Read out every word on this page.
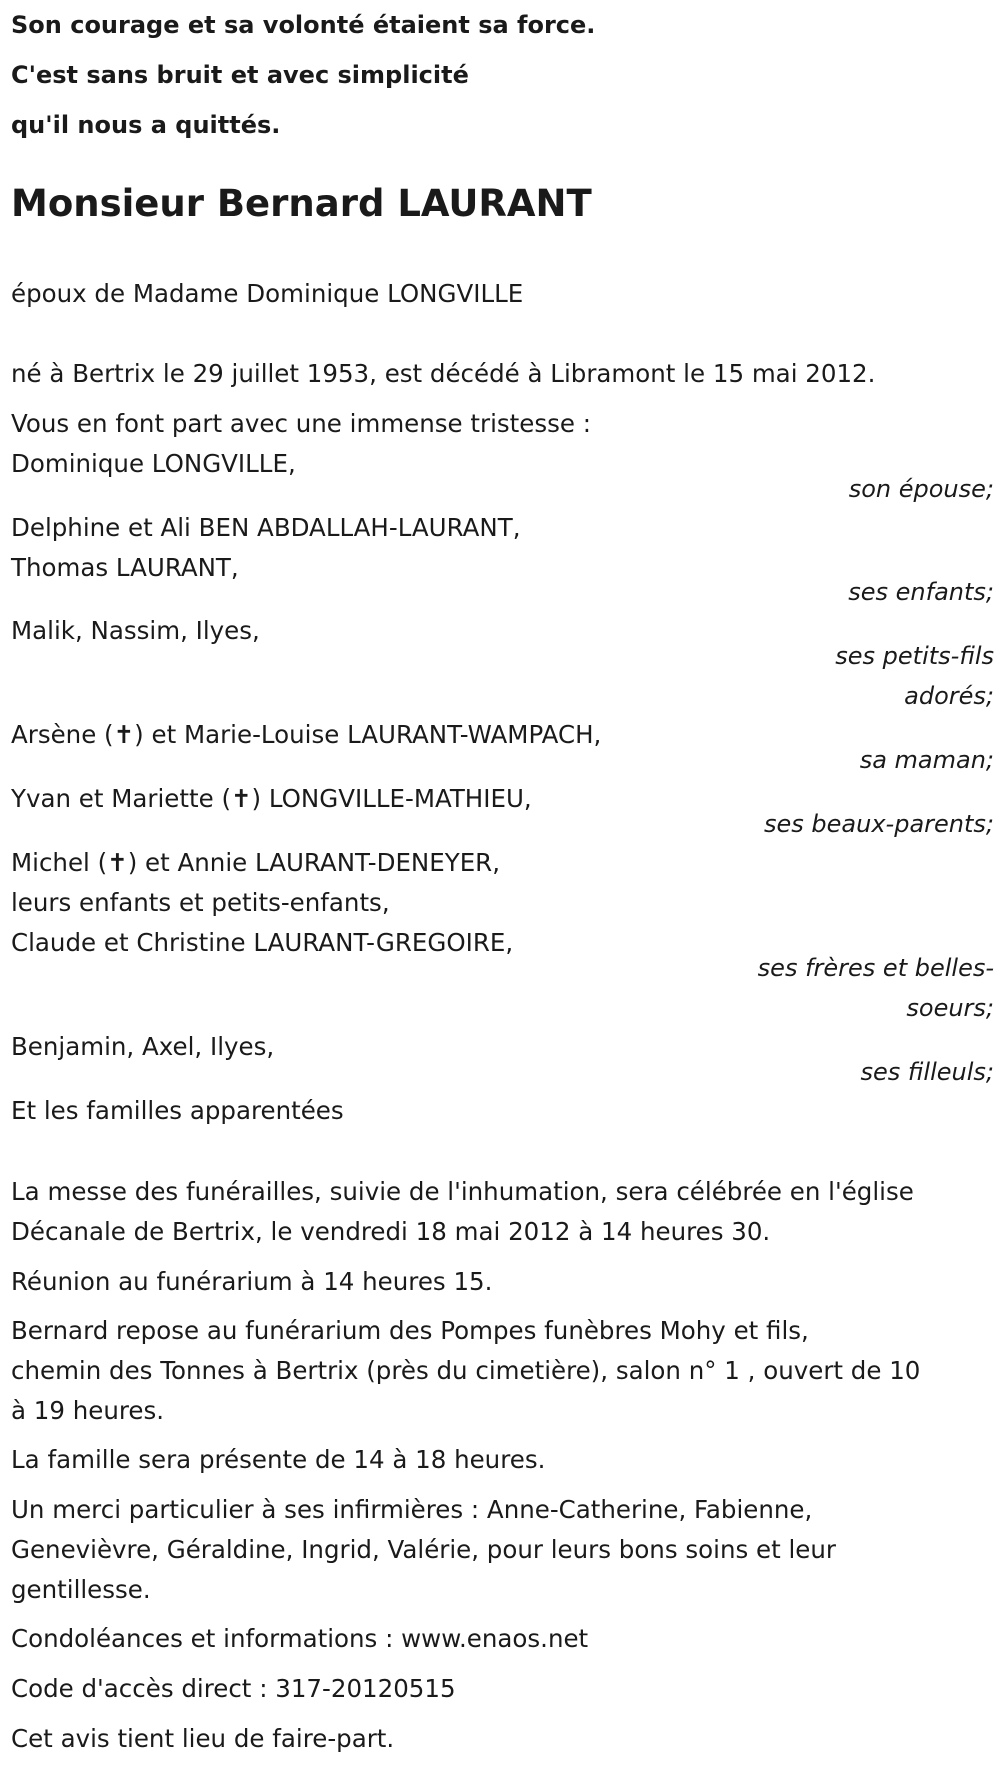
Son courage et sa volonté étaient sa force.
C'est sans bruit et avec simplicité
qu'il nous a quittés.
Monsieur Bernard LAURANT
époux de Madame Dominique LONGVILLE
né à Bertrix le 29 juillet 1953, est décédé à Libramont le 15 mai 2012.
Vous en font part avec une immense tristesse :
Dominique LONGVILLE,
son épouse;
Delphine et Ali BEN ABDALLAH-LAURANT,
Thomas LAURANT,
ses enfants;
Malik, Nassim, Ilyes,
ses petits-fils
adorés;
Arsène (✝) et Marie-Louise LAURANT-WAMPACH,
sa maman;
Yvan et Mariette (✝) LONGVILLE-MATHIEU,
ses beaux-parents;
Michel (✝) et Annie LAURANT-DENEYER,
leurs enfants et petits-enfants,
Claude et Christine LAURANT-GREGOIRE,
ses frères et belles-
soeurs;
Benjamin, Axel, Ilyes,
ses filleuls;
Et les familles apparentées
La messe des funérailles, suivie de l'inhumation, sera célébrée en l'église
Décanale de Bertrix, le vendredi 18 mai 2012 à 14 heures 30.
Réunion au funérarium à 14 heures 15.
Bernard repose au funérarium des Pompes funèbres Mohy et fils,
chemin des Tonnes à Bertrix (près du cimetière), salon n° 1 , ouvert de 10
à 19 heures.
La famille sera présente de 14 à 18 heures.
Un merci particulier à ses infirmières : Anne-Catherine, Fabienne,
Genevièvre, Géraldine, Ingrid, Valérie, pour leurs bons soins et leur
gentillesse.
Condoléances et informations : www.enaos.net
Code d'accès direct : 317-20120515
Cet avis tient lieu de faire-part.
